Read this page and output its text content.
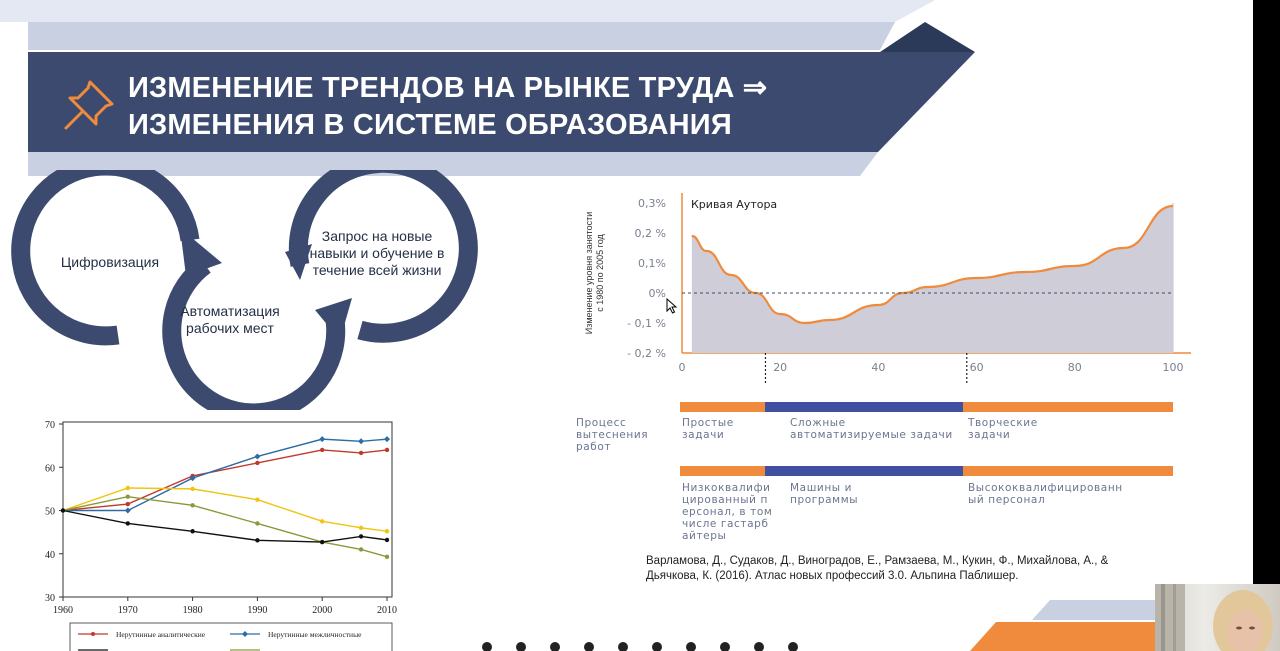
ИЗМЕНЕНИЕ ТРЕНДОВ НА РЫНКЕ ТРУДА ⇒
ИЗМЕНЕНИЯ В СИСТЕМЕ ОБРАЗОВАНИЯ
Цифровизация
Автоматизация рабочих мест
Запрос на новые навыки и обучение в течение всей жизни
70
60
50
40
30
1960	1970	1980	1990	2000	2010
Нерутинные аналитические	Нерутинные межличностные
0,3%
0,2 %
0,1%
0%
- 0,1 %
- 0,2 %
0	20	40	60	80	100
Кривая Аутора
Изменение уровня занятостис 1980 по 2005 год
Процесс вытеснения работ
Простые задачи
Сложные автоматизируемые задачи
Творческие задачи
Низкоквалифицированный персонал, в том числе гастарбайтеры
Машины и программы
Высококвалифицированный персонал
Варламова, Д., Судаков, Д., Виноградов, Е., Рамзаева, М., Кукин, Ф., Михайлова, А., & Дьячкова, К. (2016). Атлас новых профессий 3.0. Альпина Паблишер.
